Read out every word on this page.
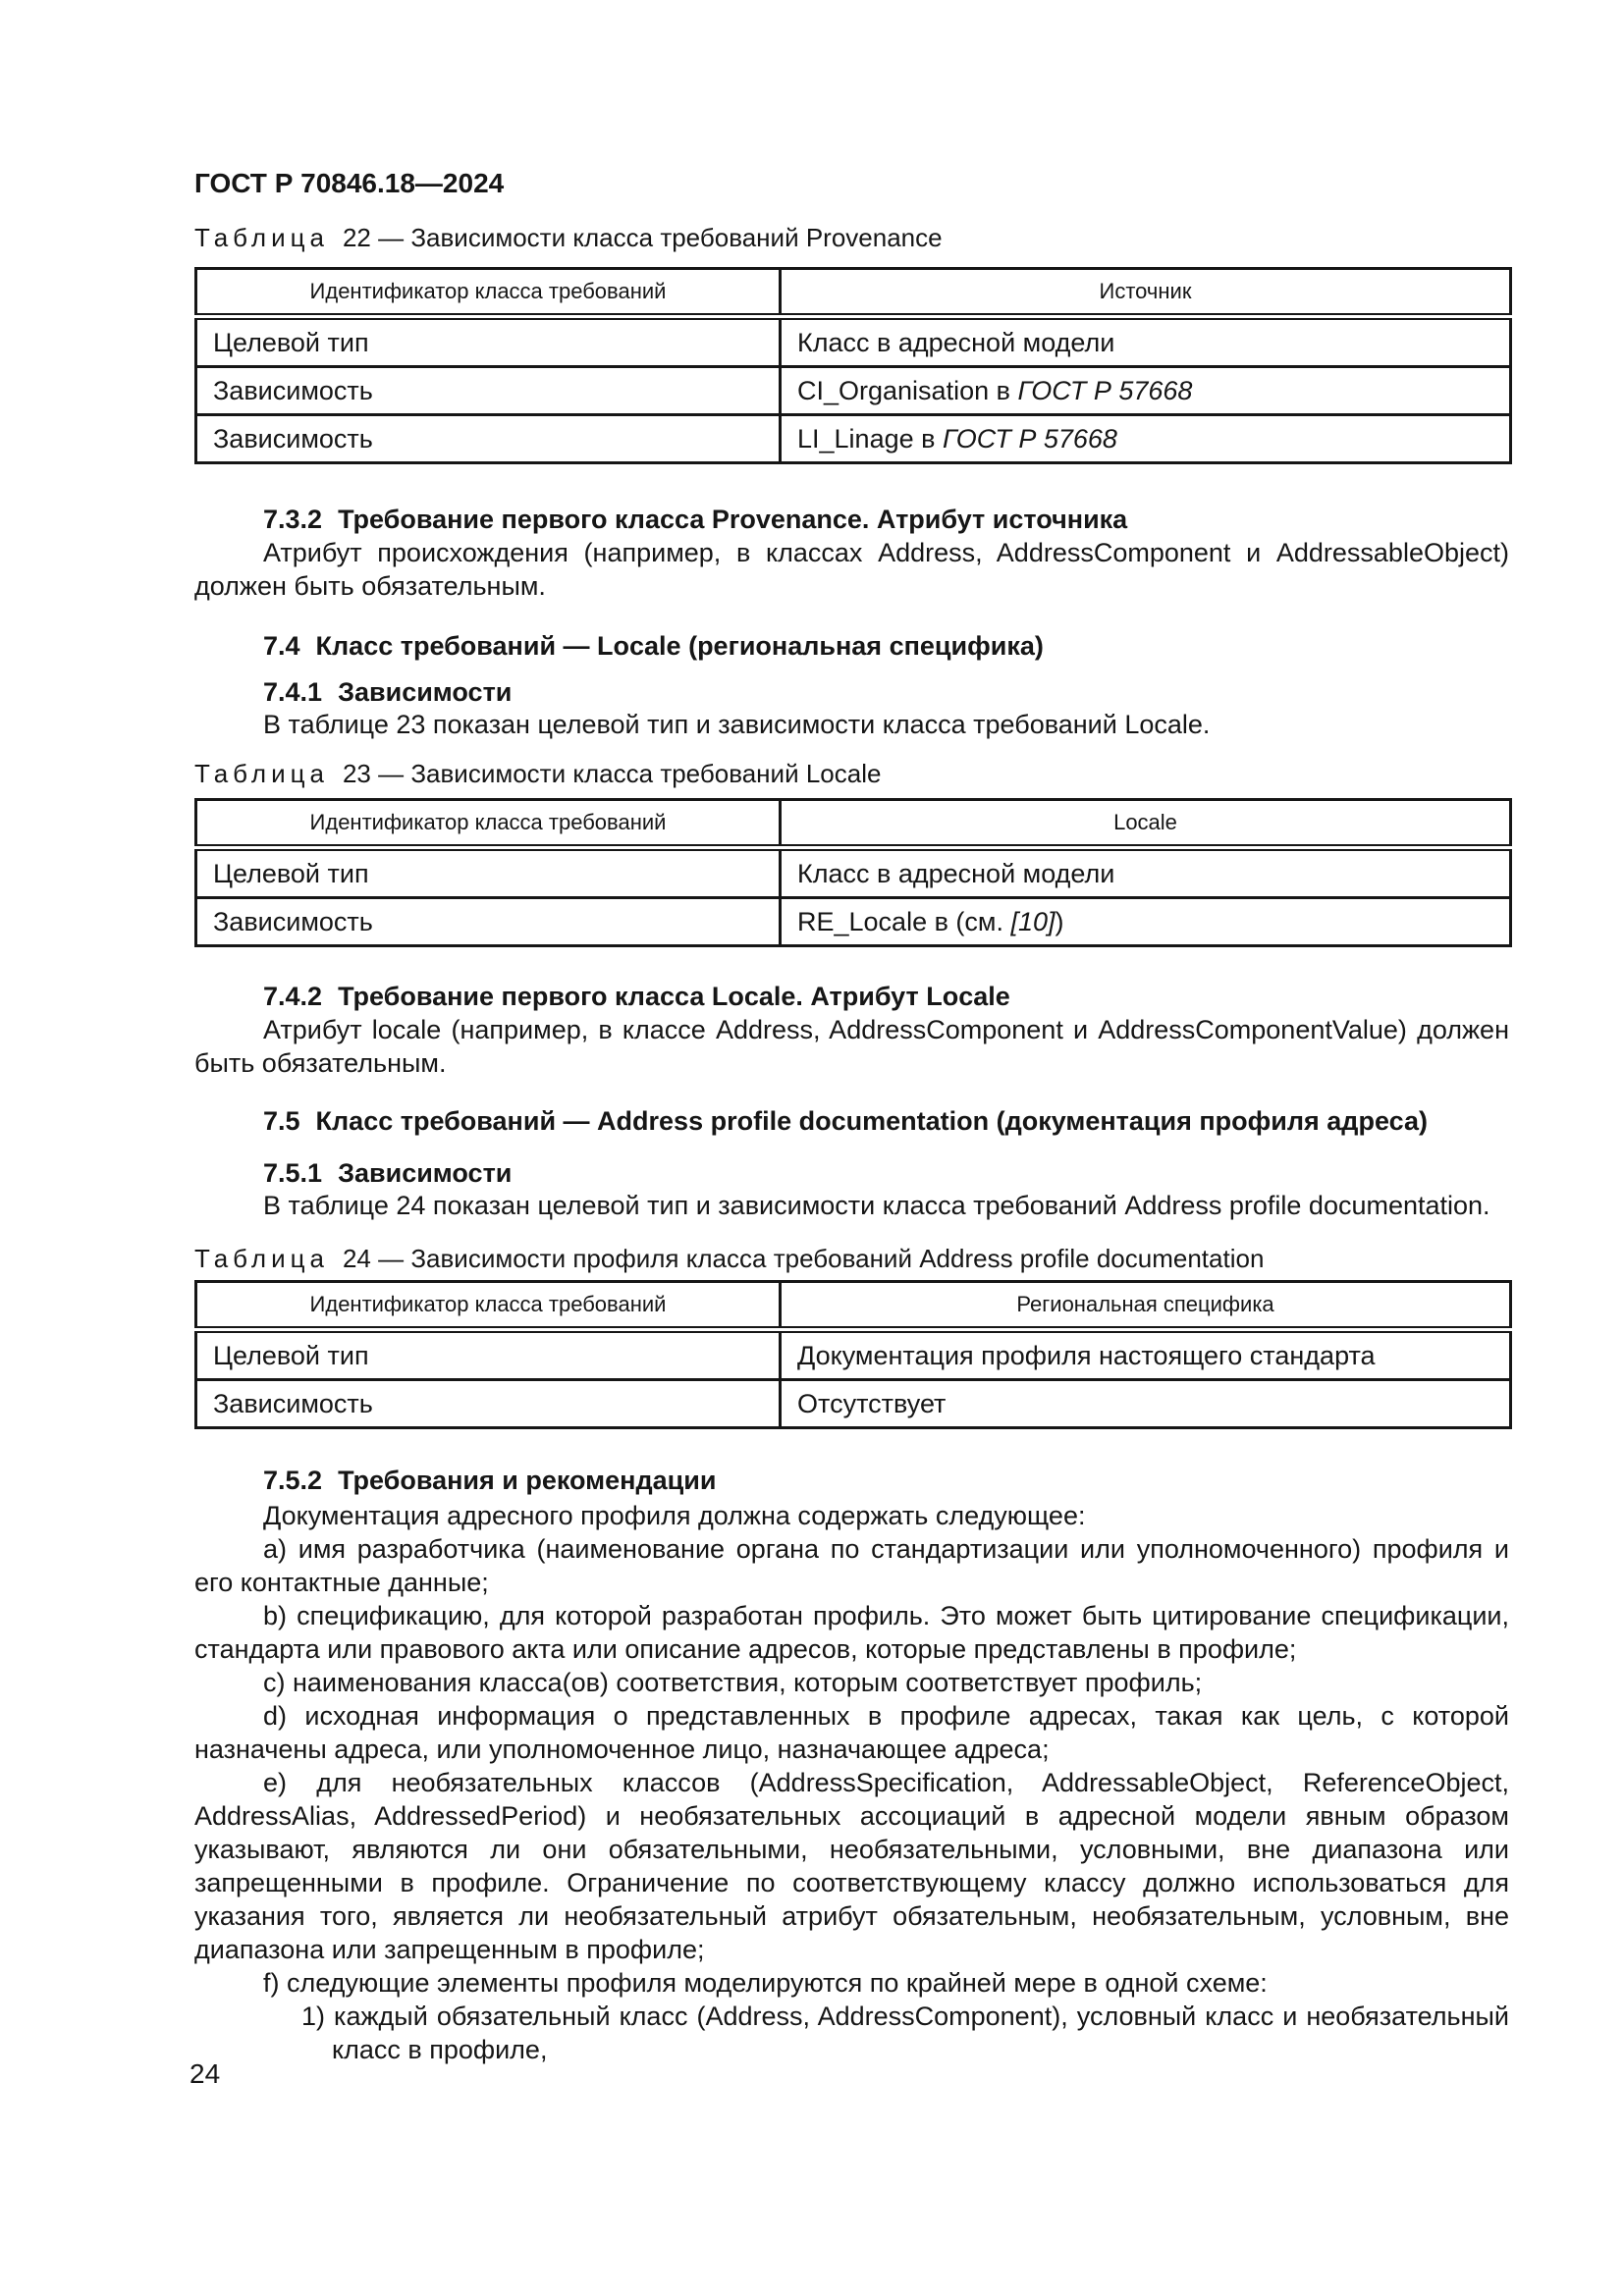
ГОСТ Р 70846.18—2024

Таблица 22 — Зависимости класса требований Provenance

Идентификатор класса требований	Источник
Целевой тип	Класс в адресной модели
Зависимость	CI_Organisation в ГОСТ Р 57668
Зависимость	LI_Linage в ГОСТ Р 57668

7.3.2 Требование первого класса Provenance. Атрибут источника

Атрибут происхождения (например, в классах Address, AddressComponent и AddressableObject) должен быть обязательным.

7.4 Класс требований — Locale (региональная специфика)

7.4.1 Зависимости

В таблице 23 показан целевой тип и зависимости класса требований Locale.

Таблица 23 — Зависимости класса требований Locale

Идентификатор класса требований	Locale
Целевой тип	Класс в адресной модели
Зависимость	RE_Locale в (см. [10])

7.4.2 Требование первого класса Locale. Атрибут Locale

Атрибут locale (например, в классе Address, AddressComponent и AddressComponentValue) должен быть обязательным.

7.5 Класс требований — Address profile documentation (документация профиля адреса)

7.5.1 Зависимости

В таблице 24 показан целевой тип и зависимости класса требований Address profile documentation.

Таблица 24 — Зависимости профиля класса требований Address profile documentation

Идентификатор класса требований	Региональная специфика
Целевой тип	Документация профиля настоящего стандарта
Зависимость	Отсутствует

7.5.2 Требования и рекомендации

Документация адресного профиля должна содержать следующее:

a) имя разработчика (наименование органа по стандартизации или уполномоченного) профиля и его контактные данные;

b) спецификацию, для которой разработан профиль. Это может быть цитирование спецификации, стандарта или правового акта или описание адресов, которые представлены в профиле;

c) наименования класса(ов) соответствия, которым соответствует профиль;

d) исходная информация о представленных в профиле адресах, такая как цель, с которой назначены адреса, или уполномоченное лицо, назначающее адреса;

e) для необязательных классов (AddressSpecification, AddressableObject, ReferenceObject, AddressAlias, AddressedPeriod) и необязательных ассоциаций в адресной модели явным образом указывают, являются ли они обязательными, необязательными, условными, вне диапазона или запрещенными в профиле. Ограничение по соответствующему классу должно использоваться для указания того, является ли необязательный атрибут обязательным, необязательным, условным, вне диапазона или запрещенным в профиле;

f) следующие элементы профиля моделируются по крайней мере в одной схеме:

1) каждый обязательный класс (Address, AddressComponent), условный класс и необязательный класс в профиле,

24
